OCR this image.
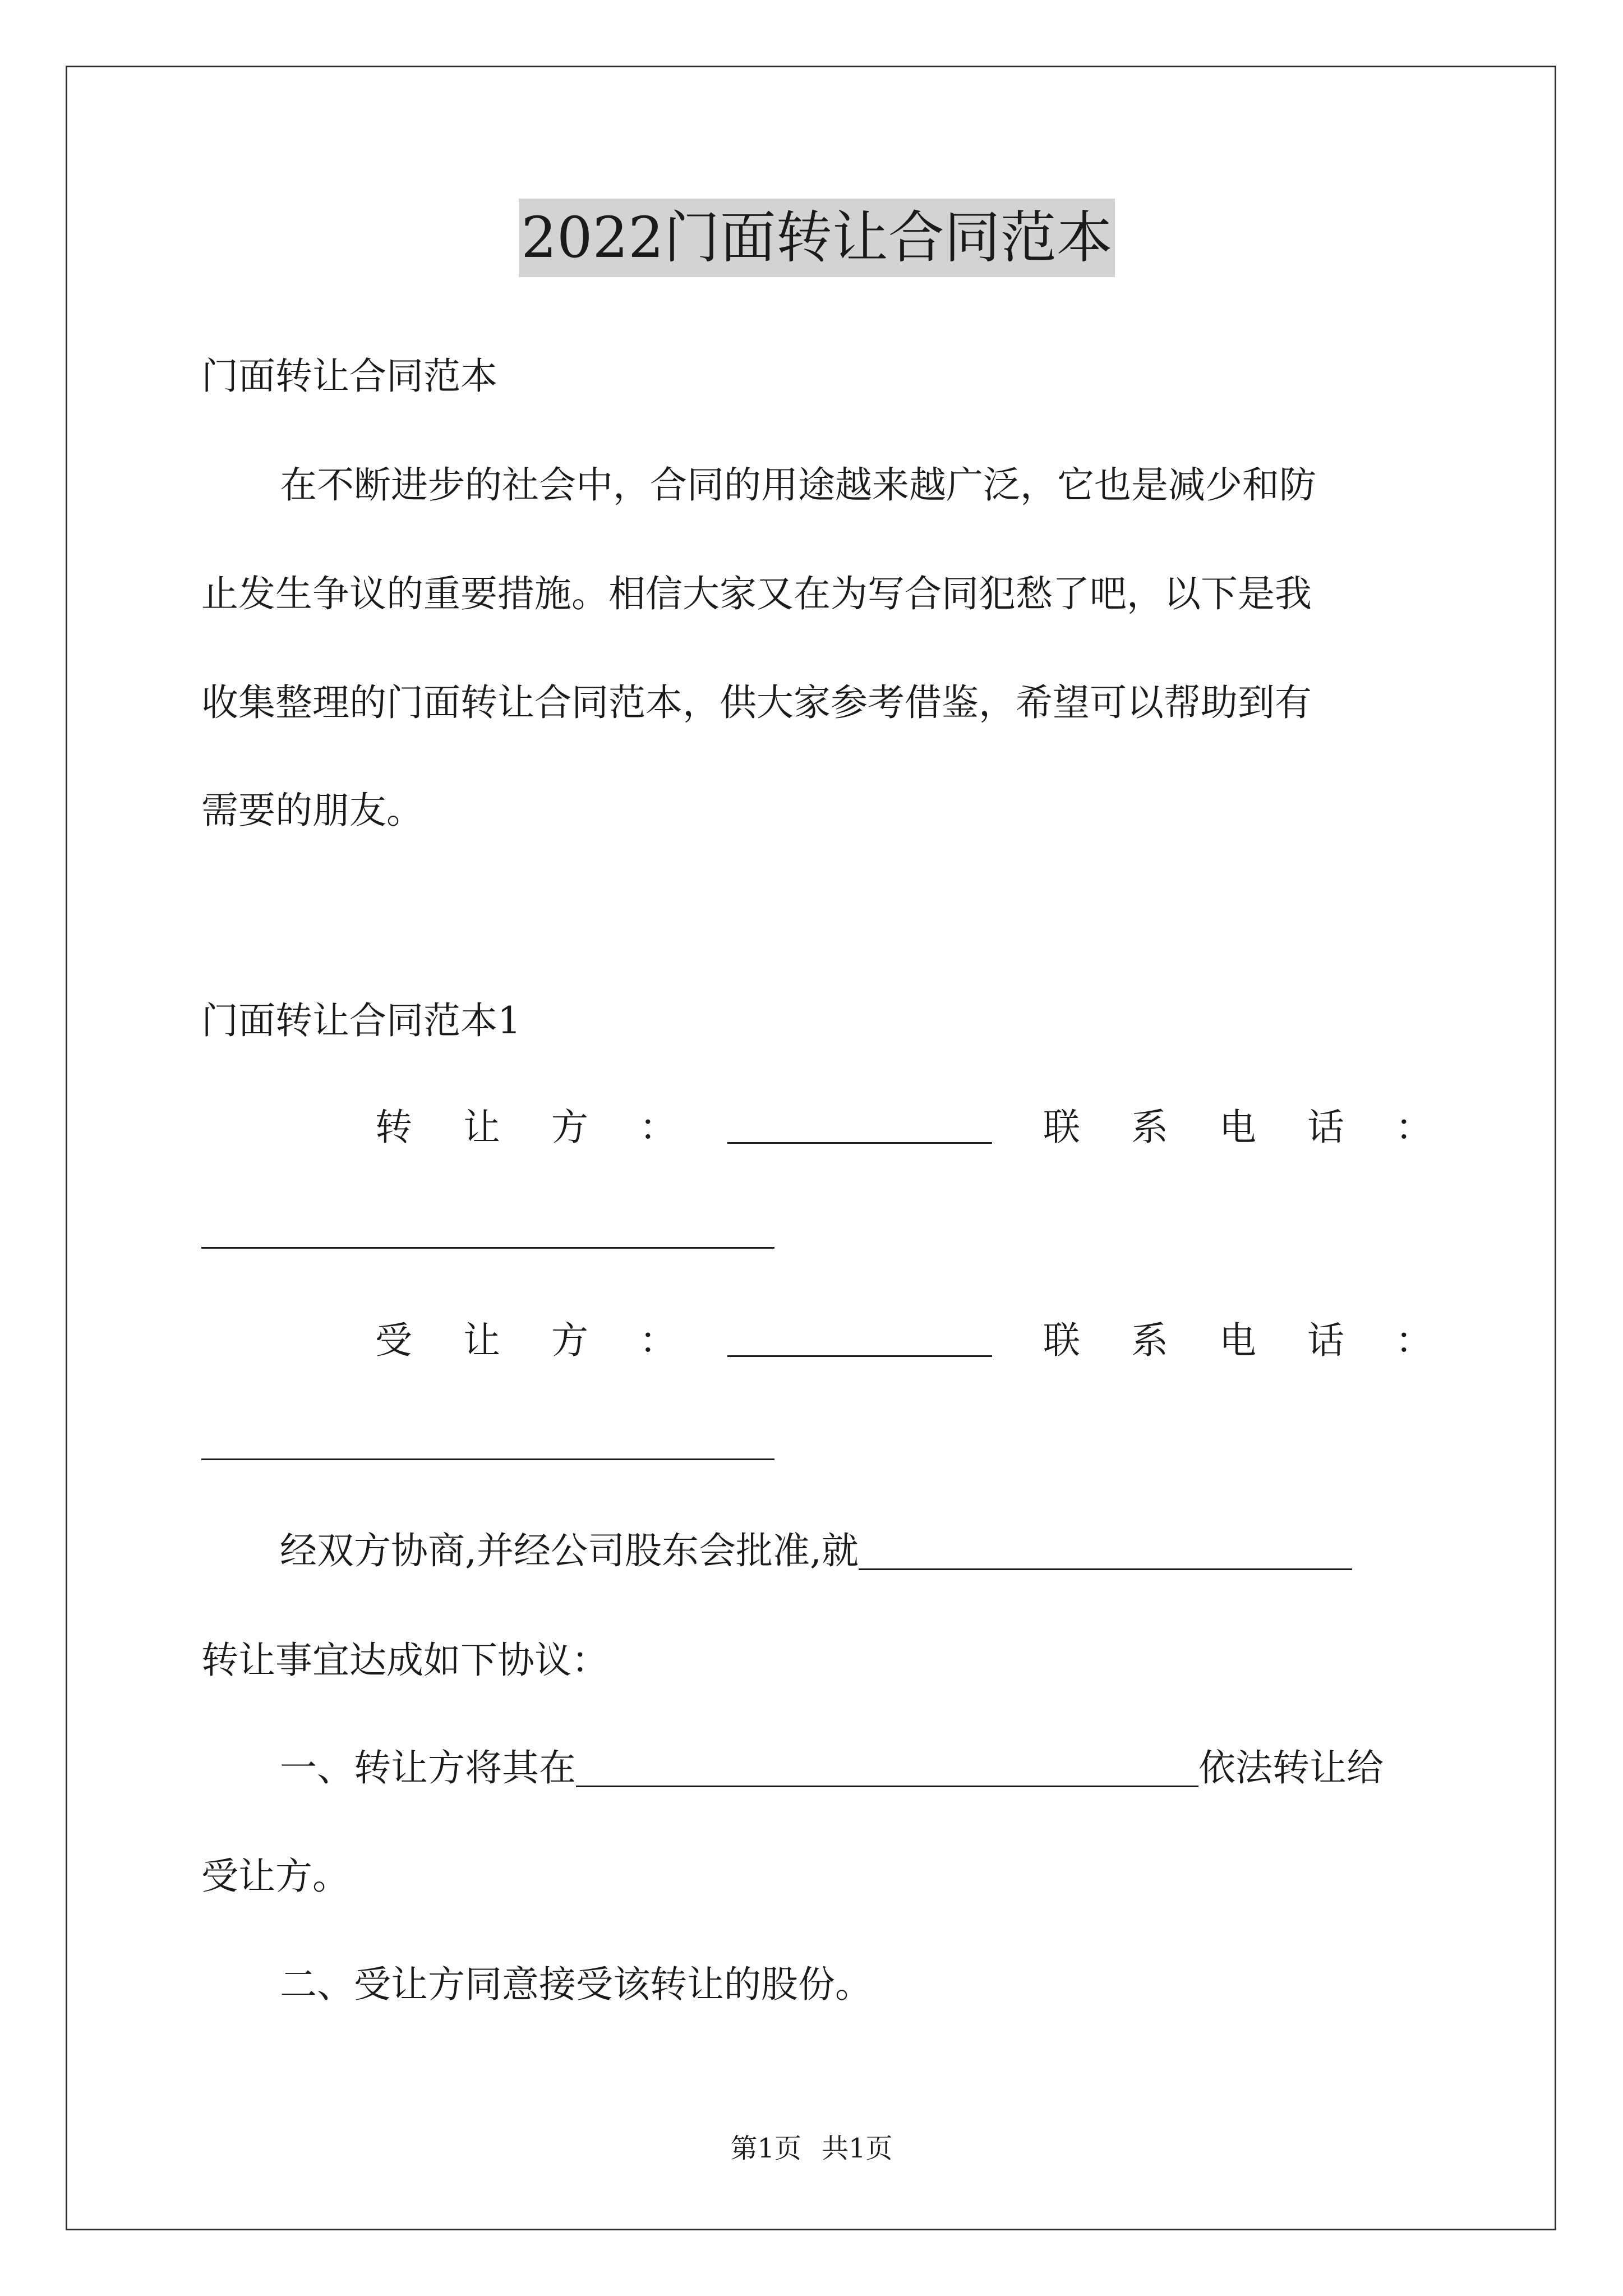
2022门面转让合同范本
门面转让合同范本
在不断进步的社会中，合同的用途越来越广泛，它也是减少和防
止发生争议的重要措施。相信大家又在为写合同犯愁了吧，以下是我
收集整理的门面转让合同范本，供大家参考借鉴，希望可以帮助到有
需要的朋友。
门面转让合同范本1
转 让 方 ：	联 系 电 话 ：
受 让 方 ：	联 系 电 话 ：
经双方协商,并经公司股东会批准,就
转让事宜达成如下协议：
一、转让方将其在	依法转让给
受让方。
二、受让方同意接受该转让的股份。
第1页 共1页
